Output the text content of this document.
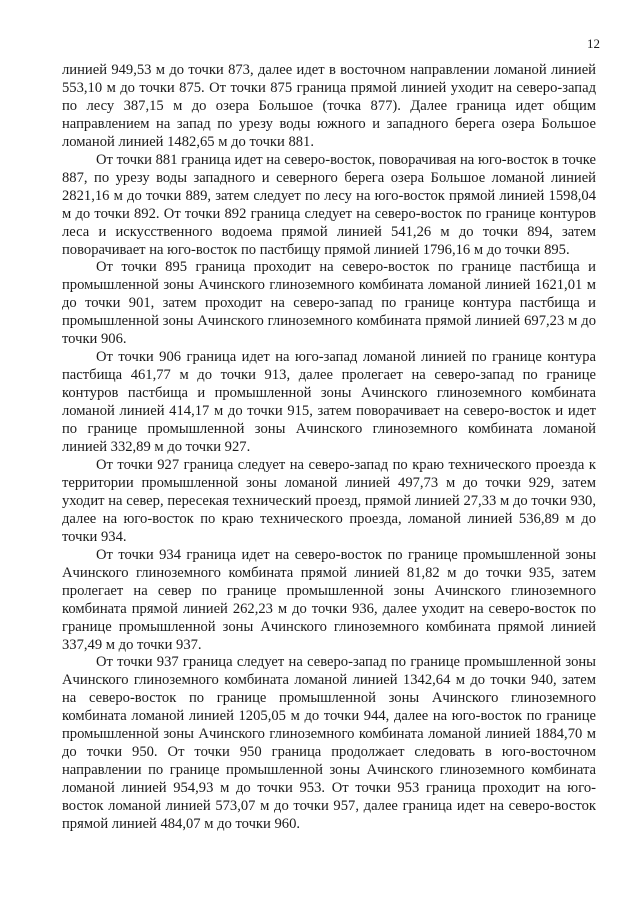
12

линией 949,53 м до точки 873, далее идет в восточном направлении ломаной линией 553,10 м до точки 875. От точки 875 граница прямой линией уходит на северо-запад по лесу 387,15 м до озера Большое (точка 877). Далее граница идет общим направлением на запад по урезу воды южного и западного берега озера Большое ломаной линией 1482,65 м до точки 881.

От точки 881 граница идет на северо-восток, поворачивая на юго-восток в точке 887, по урезу воды западного и северного берега озера Большое ломаной линией 2821,16 м до точки 889, затем следует по лесу на юго-восток прямой линией 1598,04 м до точки 892. От точки 892 граница следует на северо-восток по границе контуров леса и искусственного водоема прямой линией 541,26 м до точки 894, затем поворачивает на юго-восток по пастбищу прямой линией 1796,16 м до точки 895.

От точки 895 граница проходит на северо-восток по границе пастбища и промышленной зоны Ачинского глиноземного комбината ломаной линией 1621,01 м до точки 901, затем проходит на северо-запад по границе контура пастбища и промышленной зоны Ачинского глиноземного комбината прямой линией 697,23 м до точки 906.

От точки 906 граница идет на юго-запад ломаной линией по границе контура пастбища 461,77 м до точки 913, далее пролегает на северо-запад по границе контуров пастбища и промышленной зоны Ачинского глиноземного комбината ломаной линией 414,17 м до точки 915, затем поворачивает на северо-восток и идет по границе промышленной зоны Ачинского глиноземного комбината ломаной линией 332,89 м до точки 927.

От точки 927 граница следует на северо-запад по краю технического проезда к территории промышленной зоны ломаной линией 497,73 м до точки 929, затем уходит на север, пересекая технический проезд, прямой линией 27,33 м до точки 930, далее на юго-восток по краю технического проезда, ломаной линией 536,89 м до точки 934.

От точки 934 граница идет на северо-восток по границе промышленной зоны Ачинского глиноземного комбината прямой линией 81,82 м до точки 935, затем пролегает на север по границе промышленной зоны Ачинского глиноземного комбината прямой линией 262,23 м до точки 936, далее уходит на северо-восток по границе промышленной зоны Ачинского глиноземного комбината прямой линией 337,49 м до точки 937.

От точки 937 граница следует на северо-запад по границе промышленной зоны Ачинского глиноземного комбината ломаной линией 1342,64 м до точки 940, затем на северо-восток по границе промышленной зоны Ачинского глиноземного комбината ломаной линией 1205,05 м до точки 944, далее на юго-восток по границе промышленной зоны Ачинского глиноземного комбината ломаной линией 1884,70 м до точки 950. От точки 950 граница продолжает следовать в юго-восточном направлении по границе промышленной зоны Ачинского глиноземного комбината ломаной линией 954,93 м до точки 953. От точки 953 граница проходит на юго-восток ломаной линией 573,07 м до точки 957, далее граница идет на северо-восток прямой линией 484,07 м до точки 960.
